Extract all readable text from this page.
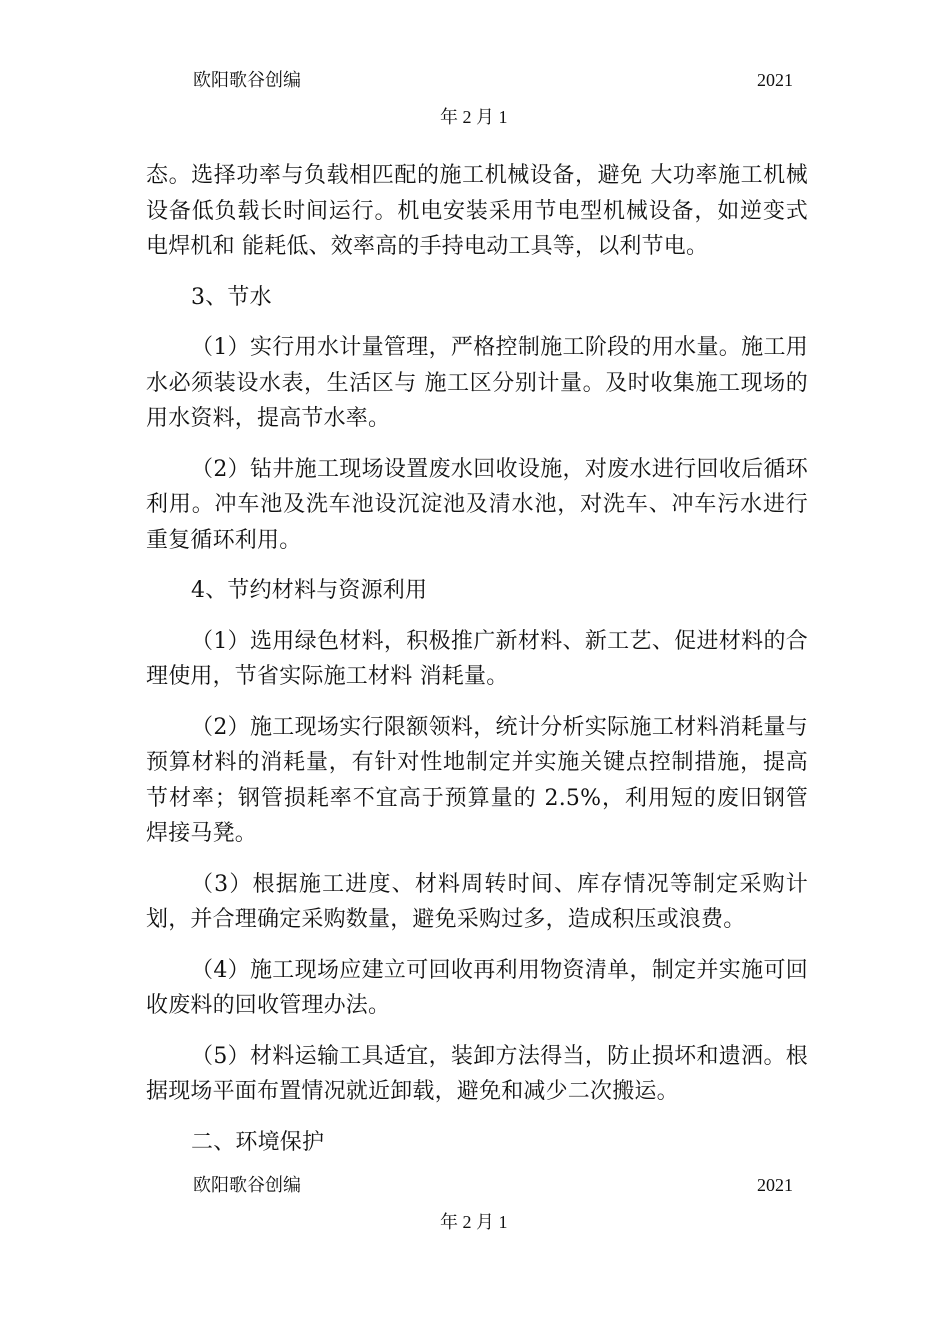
欧阳歌谷创编	2021
年 2 月 1

态。选择功率与负载相匹配的施工机械设备，避免 大功率施工机械设备低负载长时间运行。机电安装采用节电型机械设备，如逆变式电焊机和 能耗低、效率高的手持电动工具等，以利节电。

3、节水

（1）实行用水计量管理，严格控制施工阶段的用水量。施工用水必须装设水表，生活区与 施工区分别计量。及时收集施工现场的用水资料，提高节水率。

（2）钻井施工现场设置废水回收设施，对废水进行回收后循环利用。冲车池及洗车池设沉淀池及清水池，对洗车、冲车污水进行重复循环利用。

4、节约材料与资源利用

（1）选用绿色材料，积极推广新材料、新工艺、促进材料的合理使用，节省实际施工材料 消耗量。

（2）施工现场实行限额领料，统计分析实际施工材料消耗量与预算材料的消耗量，有针对性地制定并实施关键点控制措施，提高节材率；钢管损耗率不宜高于预算量的 2.5%，利用短的废旧钢管焊接马凳。

（3）根据施工进度、材料周转时间、库存情况等制定采购计划，并合理确定采购数量，避免采购过多，造成积压或浪费。

（4）施工现场应建立可回收再利用物资清单，制定并实施可回收废料的回收管理办法。

（5）材料运输工具适宜，装卸方法得当，防止损坏和遗洒。根据现场平面布置情况就近卸载，避免和减少二次搬运。

二、环境保护

欧阳歌谷创编	2021
年 2 月 1
